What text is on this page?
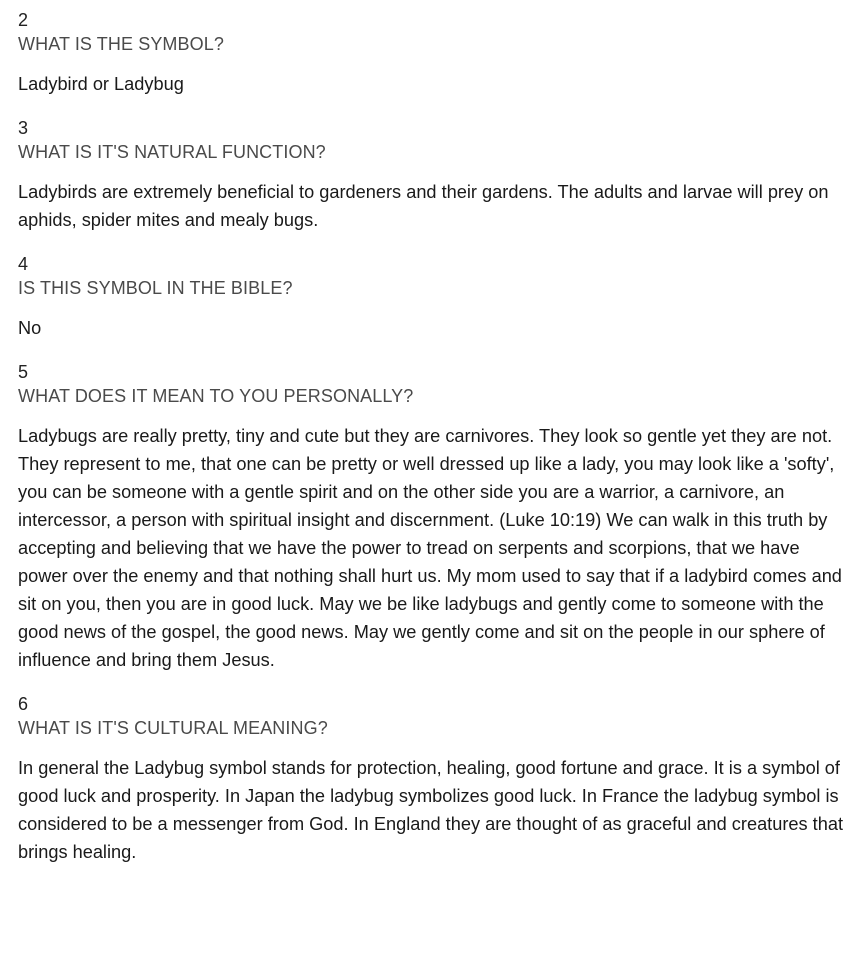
2

WHAT IS THE SYMBOL?

Ladybird or Ladybug

3

WHAT IS IT'S NATURAL FUNCTION?

Ladybirds are extremely beneficial to gardeners and their gardens. The adults and larvae will prey on aphids, spider mites and mealy bugs.

4

IS THIS SYMBOL IN THE BIBLE?

No

5

WHAT DOES IT MEAN TO YOU PERSONALLY?

Ladybugs are really pretty, tiny and cute but they are carnivores. They look so gentle yet they are not. They represent to me, that one can be pretty or well dressed up like a lady, you may look like a 'softy', you can be someone with a gentle spirit and on the other side you are a warrior, a carnivore, an intercessor, a person with spiritual insight and discernment. (Luke 10:19) We can walk in this truth by accepting and believing that we have the power to tread on serpents and scorpions, that we have power over the enemy and that nothing shall hurt us. My mom used to say that if a ladybird comes and sit on you, then you are in good luck. May we be like ladybugs and gently come to someone with the good news of the gospel, the good news. May we gently come and sit on the people in our sphere of influence and bring them Jesus.

6

WHAT IS IT'S CULTURAL MEANING?

In general the Ladybug symbol stands for protection, healing, good fortune and grace. It is a symbol of good luck and prosperity. In Japan the ladybug symbolizes good luck. In France the ladybug symbol is considered to be a messenger from God. In England they are thought of as graceful and creatures that brings healing.
